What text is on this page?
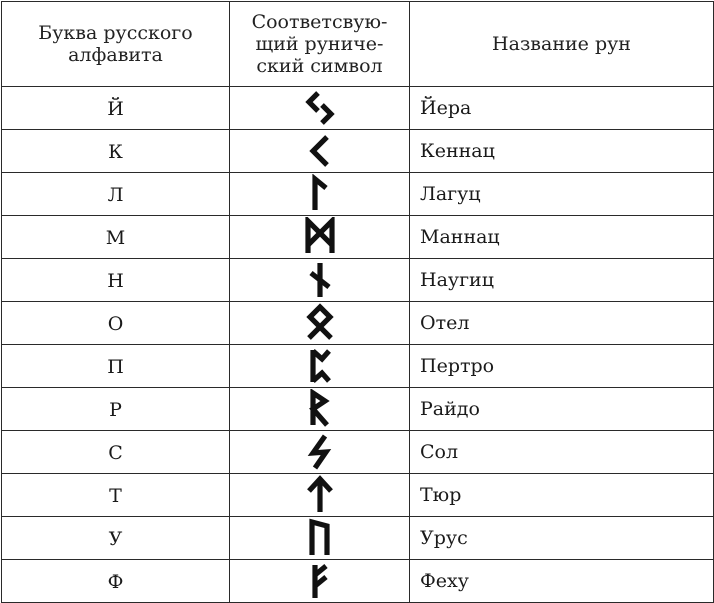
Буква русского алфавита	Соответсвую-щий руниче-ский символ	Название рун

Й		Йера
К		Кеннац
Л		Лагуц
М		Маннац
Н		Наугиц
О		Отел
П		Пертро
Р		Райдо
С		Сол
Т		Тюр
У		Урус
Ф		Феху
